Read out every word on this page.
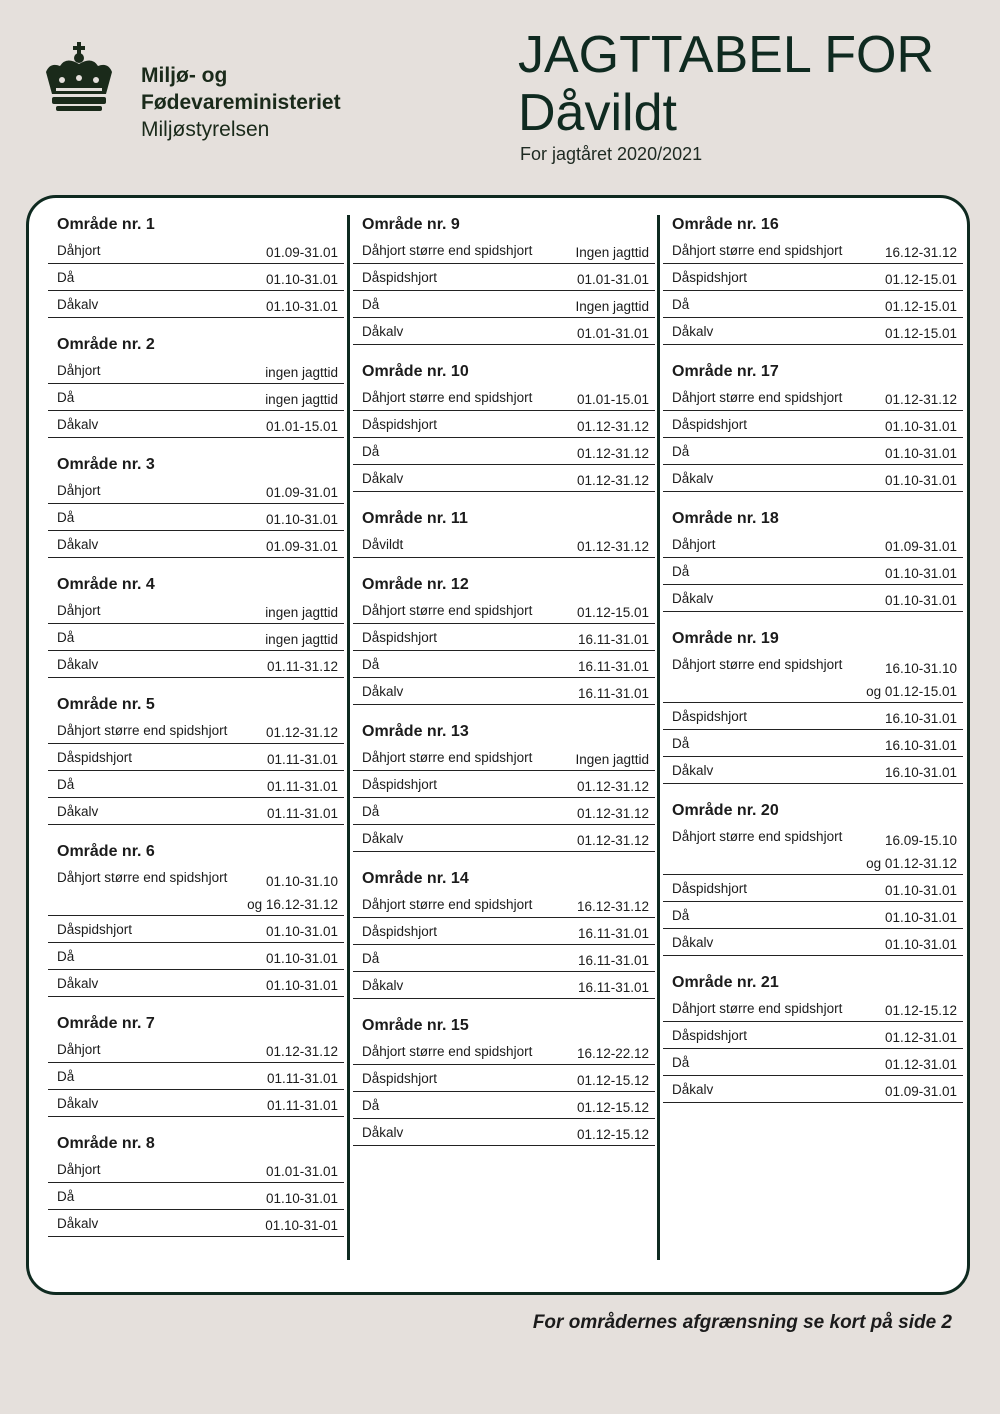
Miljø- og
Fødevareministeriet
Miljøstyrelsen
JAGTTABEL FOR
Dåvildt
For jagtåret 2020/2021
Område nr. 1
Dåhjort	01.09-31.01
Då	01.10-31.01
Dåkalv	01.10-31.01
Område nr. 2
Dåhjort	ingen jagttid
Då	ingen jagttid
Dåkalv	01.01-15.01
Område nr. 3
Dåhjort	01.09-31.01
Då	01.10-31.01
Dåkalv	01.09-31.01
Område nr. 4
Dåhjort	ingen jagttid
Då	ingen jagttid
Dåkalv	01.11-31.12
Område nr. 5
Dåhjort større end spidshjort	01.12-31.12
Dåspidshjort	01.11-31.01
Då	01.11-31.01
Dåkalv	01.11-31.01
Område nr. 6
Dåhjort større end spidshjort	01.10-31.10
og 16.12-31.12
Dåspidshjort	01.10-31.01
Då	01.10-31.01
Dåkalv	01.10-31.01
Område nr. 7
Dåhjort	01.12-31.12
Då	01.11-31.01
Dåkalv	01.11-31.01
Område nr. 8
Dåhjort	01.01-31.01
Då	01.10-31.01
Dåkalv	01.10-31-01
Område nr. 9
Dåhjort større end spidshjort	Ingen jagttid
Dåspidshjort	01.01-31.01
Då	Ingen jagttid
Dåkalv	01.01-31.01
Område nr. 10
Dåhjort større end spidshjort	01.01-15.01
Dåspidshjort	01.12-31.12
Då	01.12-31.12
Dåkalv	01.12-31.12
Område nr. 11
Dåvildt	01.12-31.12
Område nr. 12
Dåhjort større end spidshjort	01.12-15.01
Dåspidshjort	16.11-31.01
Då	16.11-31.01
Dåkalv	16.11-31.01
Område nr. 13
Dåhjort større end spidshjort	Ingen jagttid
Dåspidshjort	01.12-31.12
Då	01.12-31.12
Dåkalv	01.12-31.12
Område nr. 14
Dåhjort større end spidshjort	16.12-31.12
Dåspidshjort	16.11-31.01
Då	16.11-31.01
Dåkalv	16.11-31.01
Område nr. 15
Dåhjort større end spidshjort	16.12-22.12
Dåspidshjort	01.12-15.12
Då	01.12-15.12
Dåkalv	01.12-15.12
Område nr. 16
Dåhjort større end spidshjort	16.12-31.12
Dåspidshjort	01.12-15.01
Då	01.12-15.01
Dåkalv	01.12-15.01
Område nr. 17
Dåhjort større end spidshjort	01.12-31.12
Dåspidshjort	01.10-31.01
Då	01.10-31.01
Dåkalv	01.10-31.01
Område nr. 18
Dåhjort	01.09-31.01
Då	01.10-31.01
Dåkalv	01.10-31.01
Område nr. 19
Dåhjort større end spidshjort	16.10-31.10
og 01.12-15.01
Dåspidshjort	16.10-31.01
Då	16.10-31.01
Dåkalv	16.10-31.01
Område nr. 20
Dåhjort større end spidshjort	16.09-15.10
og 01.12-31.12
Dåspidshjort	01.10-31.01
Då	01.10-31.01
Dåkalv	01.10-31.01
Område nr. 21
Dåhjort større end spidshjort	01.12-15.12
Dåspidshjort	01.12-31.01
Då	01.12-31.01
Dåkalv	01.09-31.01
For områdernes afgrænsning se kort på side 2
